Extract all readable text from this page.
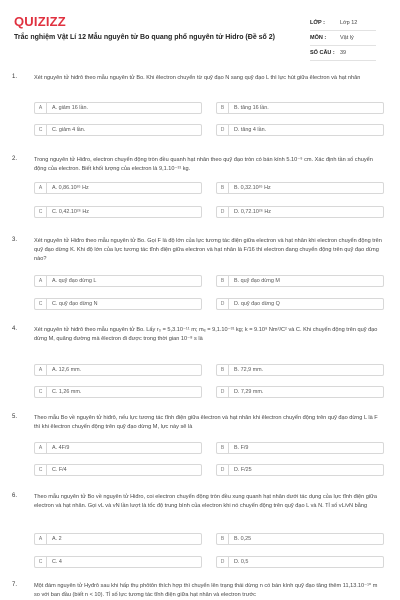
QUIZIZZ
Trắc nghiệm Vật Lí 12 Mẫu nguyên tử Bo quang phổ nguyên tử Hidro (Đề số 2)
LỚP :	Lớp 12
MÔN :	Vật lý
SỐ CÂU : 39
1.	Xét nguyên tử hiđrô theo mẫu nguyên tử Bo. Khi êlectron chuyển từ quỹ đạo N sang quỹ đạo L thì lực hút giữa êlectron và hạt nhân
A	A. giảm 16 lần.	B	B. tăng 16 lần.
C	C. giảm 4 lần.	D	D. tăng 4 lần.
2.	Trong nguyên tử Hiđro, electron chuyển động tròn đều quanh hạt nhân theo quỹ đạo tròn có bán kính 5.10⁻⁹ cm. Xác định tần số chuyển động của electron. Biết khối lượng của electron là 9,1.10⁻³¹ kg.
A	A. 0,86.10²⁶ Hz	B	B. 0,32.10²⁶ Hz
C	C. 0,42.10²⁶ Hz	D	D. 0,72.10²⁶ Hz
3.	Xét nguyên tử Hiđro theo mẫu nguyên tử Bo. Gọi F là độ lớn của lực tương tác điện giữa electron và hạt nhân khi electron chuyển động trên quỹ đạo dừng K. Khi độ lớn của lực tương tác tĩnh điện giữa electron và hạt nhân là F/16 thì electron đang chuyển động trên quỹ đạo dừng nào?
A	A. quỹ đạo dừng L	B	B. quỹ đạo dừng M
C	C. quỹ đạo dừng N	D	D. quỹ đạo dừng Q
4.	Xét nguyên tử hiđrô theo mẫu nguyên tử Bo. Lấy r₀ = 5,3.10⁻¹¹ m; mₑ = 9,1.10⁻³¹ kg; k = 9.10⁹ Nm²/C² và C. Khi chuyển động trên quỹ đạo dừng M, quãng đường mà êlectron đi được trong thời gian 10⁻⁸ s là
A	A. 12,6 mm.	B	B. 72,9 mm.
C	C. 1,26 mm.	D	D. 7,29 mm.
5.	Theo mẫu Bo về nguyên tử hiđrô, nếu lực tương tác tĩnh điện giữa êlectron và hạt nhân khi êlectron chuyển động trên quỹ đạo dừng L là F thì khi êlectron chuyển động trên quỹ đạo dừng M, lực này sẽ là
A	A. 4F/9	B	B. F/9
C	C. F/4	D	D. F/25
6.	Theo mẫu nguyên tử Bo về nguyên tử Hiđro, coi electron chuyển động tròn đều xung quanh hạt nhân dưới tác dụng của lực tĩnh điện giữa electron và hạt nhân. Gọi vL và vN lần lượt là tốc độ trung bình của electron khi nó chuyển động trên quỹ đạo L và N. Tỉ số vL/vN bằng
A	A. 2	B	B. 0,25
C	C. 4	D	D. 0,5
7.	Một đám nguyên tử Hyđrô sau khi hấp thụ phôtôn thích hợp thì chuyển lên trạng thái dừng n có bán kính quỹ đạo tăng thêm 11,13.10⁻¹⁰ m so với ban đầu (biết n < 10). Tỉ số lực tương tác tĩnh điện giữa hạt nhân và electron trước
